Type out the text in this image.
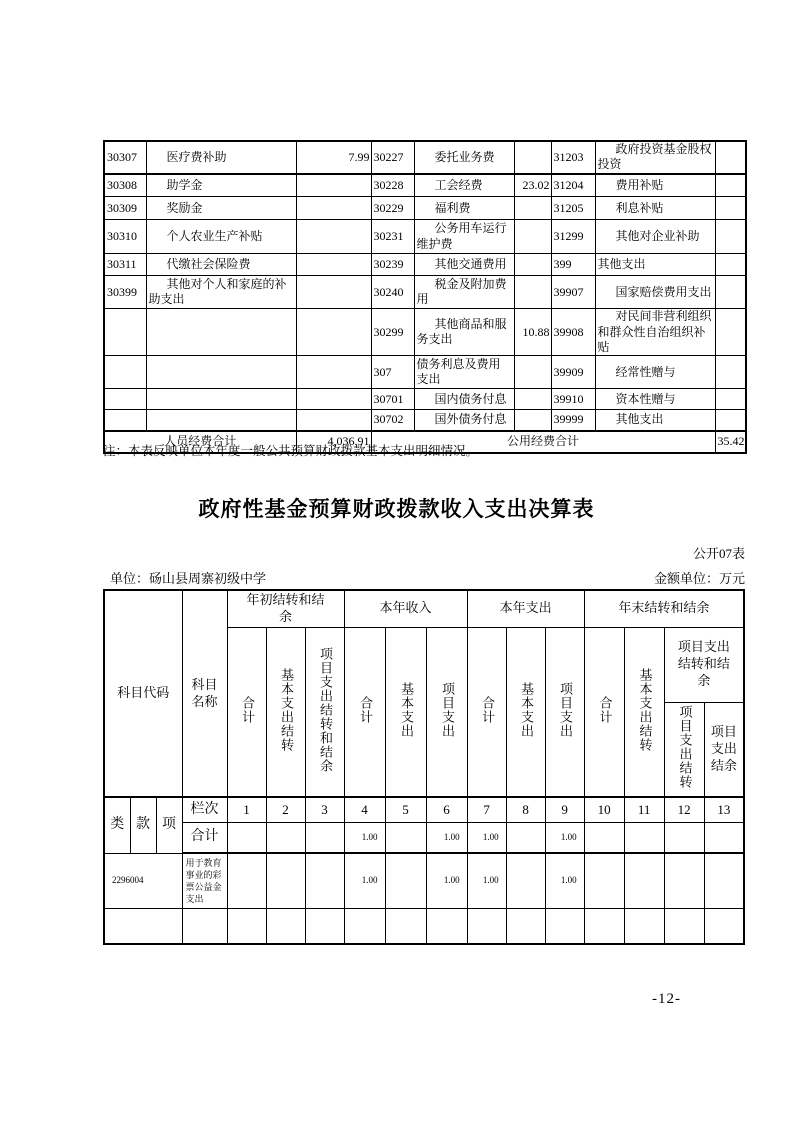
30307	医疗费补助	7.99	30227	委托业务费		31203	政府投资基金股权投资	
30308	助学金		30228	工会经费	23.02	31204	费用补贴	
30309	奖励金		30229	福利费		31205	利息补贴	
30310	个人农业生产补贴		30231	公务用车运行维护费		31299	其他对企业补助	
30311	代缴社会保险费		30239	其他交通费用		399	其他支出	
30399	其他对个人和家庭的补助支出		30240	税金及附加费用		39907	国家赔偿费用支出	
			30299	其他商品和服务支出	10.88	39908	对民间非营利组织和群众性自治组织补贴	
			307	债务利息及费用支出		39909	经常性赠与	
			30701	国内债务付息		39910	资本性赠与	
			30702	国外债务付息		39999	其他支出	
人员经费合计		4,036.91	公用经费合计					35.42
注：本表反映单位本年度一般公共预算财政拨款基本支出明细情况。
政府性基金预算财政拨款收入支出决算表
公开07表
单位：砀山县周寨初级中学	金额单位：万元
科目代码			科目名称	年初结转和结余			本年收入			本年支出			年末结转和结余			
				合计	基本支出结转	项目支出结转和结余	合计	基本支出	项目支出	合计	基本支出	项目支出	合计	基本支出结转	项目支出结转和结余	
															项目支出结转	项目支出结余
类	款	项	栏次	1	2	3	4	5	6	7	8	9	10	11	12	13
			合计				1.00		1.00	1.00		1.00				
2296004			用于教育事业的彩票公益金支出				1.00		1.00	1.00		1.00				

-12-
